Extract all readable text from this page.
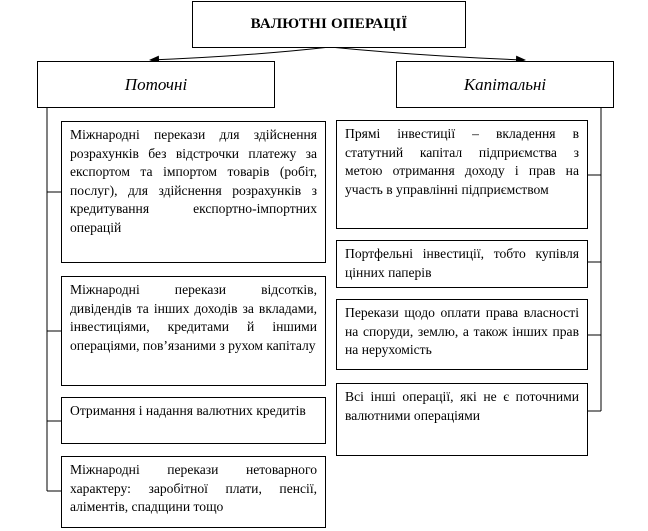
ВАЛЮТНІ ОПЕРАЦІЇ
Поточні	Капітальні
Міжнародні перекази для здійснення розрахунків без відстрочки платежу за експортом та імпортом товарів (робіт, послуг), для здійснення розрахунків з кредитування експортно-імпортних операцій
Міжнародні перекази відсотків, дивідендів та інших доходів за вкладами, інвестиціями, кредитами й іншими операціями, пов’язаними з рухом капіталу
Отримання і надання валютних кредитів
Міжнародні перекази нетоварного характеру: заробітної плати, пенсії, аліментів, спадщини тощо
Прямі інвестиції – вкладення в статутний капітал підприємства з метою отримання доходу і прав на участь в управлінні підприємством
Портфельні інвестиції, тобто купівля цінних паперів
Перекази щодо оплати права власності на споруди, землю, а також інших прав на нерухомість
Всі інші операції, які не є поточними валютними операціями
